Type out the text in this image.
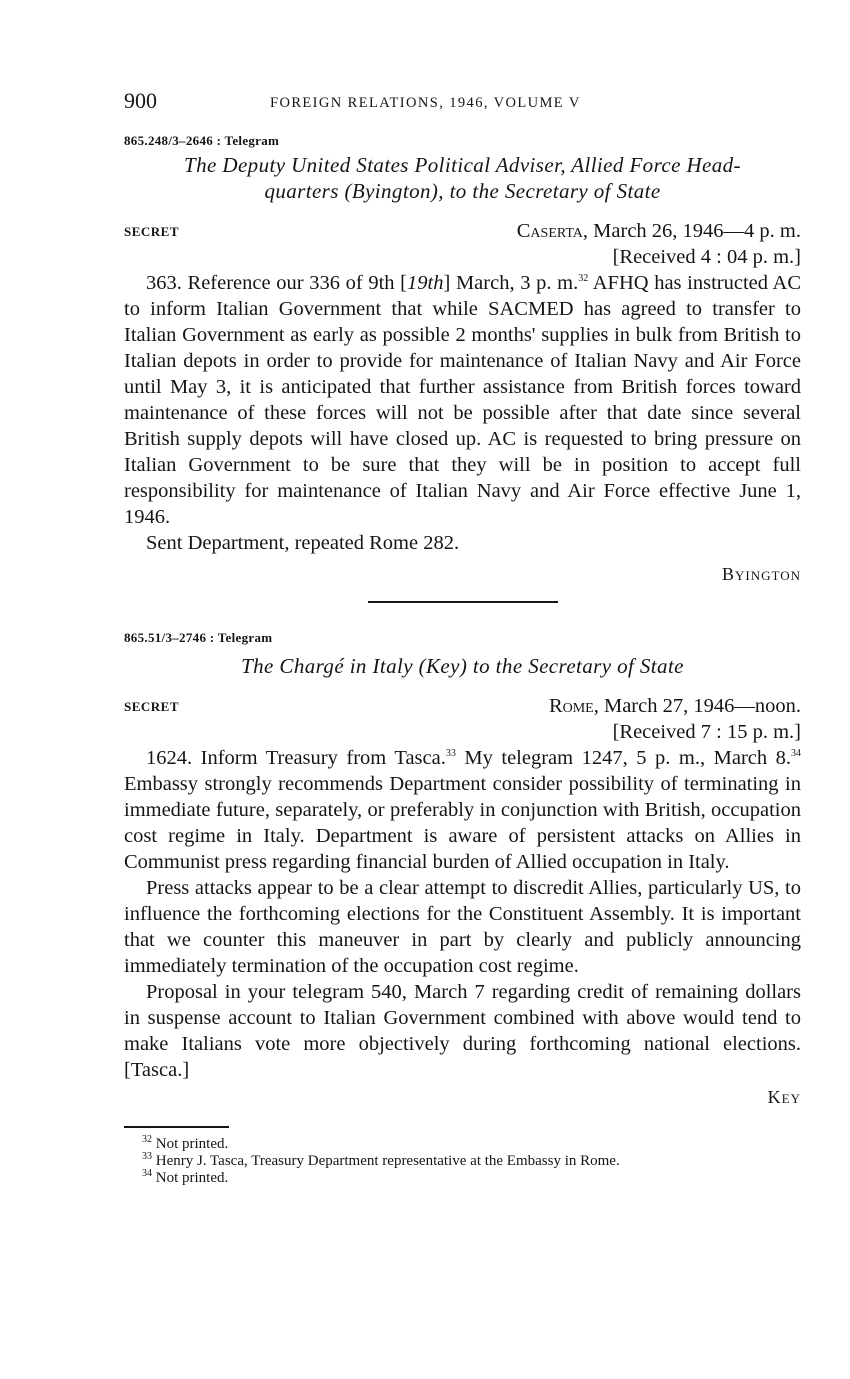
900	FOREIGN RELATIONS, 1946, VOLUME V
865.248/3–2646 : Telegram
The Deputy United States Political Adviser, Allied Force Head-
quarters (Byington), to the Secretary of State
SECRET	Caserta, March 26, 1946—4 p. m.
[Received 4 : 04 p. m.]

363. Reference our 336 of 9th [19th] March, 3 p. m.$^{32}$ AFHQ has instructed AC to inform Italian Government that while SACMED has agreed to transfer to Italian Government as early as possible 2 months' supplies in bulk from British to Italian depots in order to provide for maintenance of Italian Navy and Air Force until May 3, it is anticipated that further assistance from British forces toward maintenance of these forces will not be possible after that date since several British supply depots will have closed up. AC is requested to bring pressure on Italian Government to be sure that they will be in position to accept full responsibility for maintenance of Italian Navy and Air Force effective June 1, 1946.

Sent Department, repeated Rome 282.

Byington
865.51/3–2746 : Telegram
The Chargé in Italy (Key) to the Secretary of State
SECRET	Rome, March 27, 1946—noon.
[Received 7 : 15 p. m.]

1624. Inform Treasury from Tasca.$^{33}$ My telegram 1247, 5 p. m., March 8.34 Embassy strongly recommends Department consider possibility of terminating in immediate future, separately, or preferably in conjunction with British, occupation cost regime in Italy. Department is aware of persistent attacks on Allies in Communist press regarding financial burden of Allied occupation in Italy.

Press attacks appear to be a clear attempt to discredit Allies, particularly US, to influence the forthcoming elections for the Constituent Assembly. It is important that we counter this maneuver in part by clearly and publicly announcing immediately termination of the occupation cost regime.

Proposal in your telegram 540, March 7 regarding credit of remaining dollars in suspense account to Italian Government combined with above would tend to make Italians vote more objectively during forthcoming national elections. [Tasca.]

Key
$^{32}$ Not printed.
$^{33}$ Henry J. Tasca, Treasury Department representative at the Embassy in Rome.
$^{34}$ Not printed.
